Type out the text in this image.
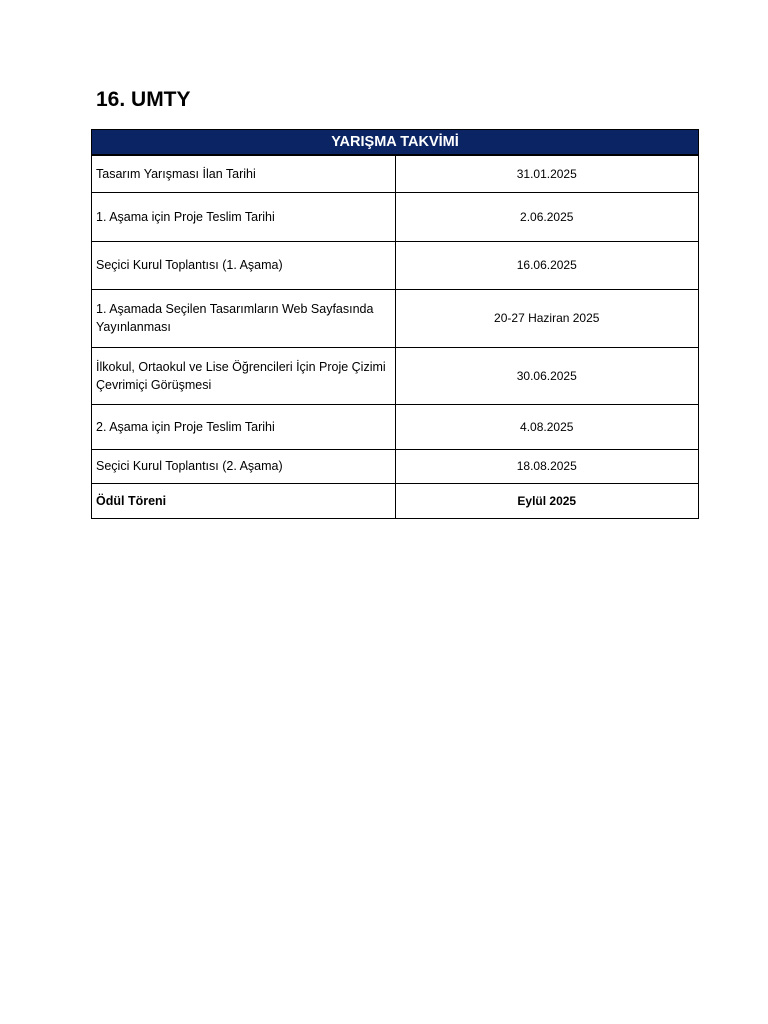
16. UMTY
YARIŞMA TAKVİMİ	
Tasarım Yarışması İlan Tarihi	31.01.2025
1. Aşama için Proje Teslim Tarihi	2.06.2025
Seçici Kurul Toplantısı (1. Aşama)	16.06.2025
1. Aşamada Seçilen Tasarımların Web Sayfasında Yayınlanması	20-27 Haziran 2025
İlkokul, Ortaokul ve Lise Öğrencileri İçin Proje Çizimi Çevrimiçi Görüşmesi	30.06.2025
2. Aşama için Proje Teslim Tarihi	4.08.2025
Seçici Kurul Toplantısı (2. Aşama)	18.08.2025
Ödül Töreni	Eylül 2025
